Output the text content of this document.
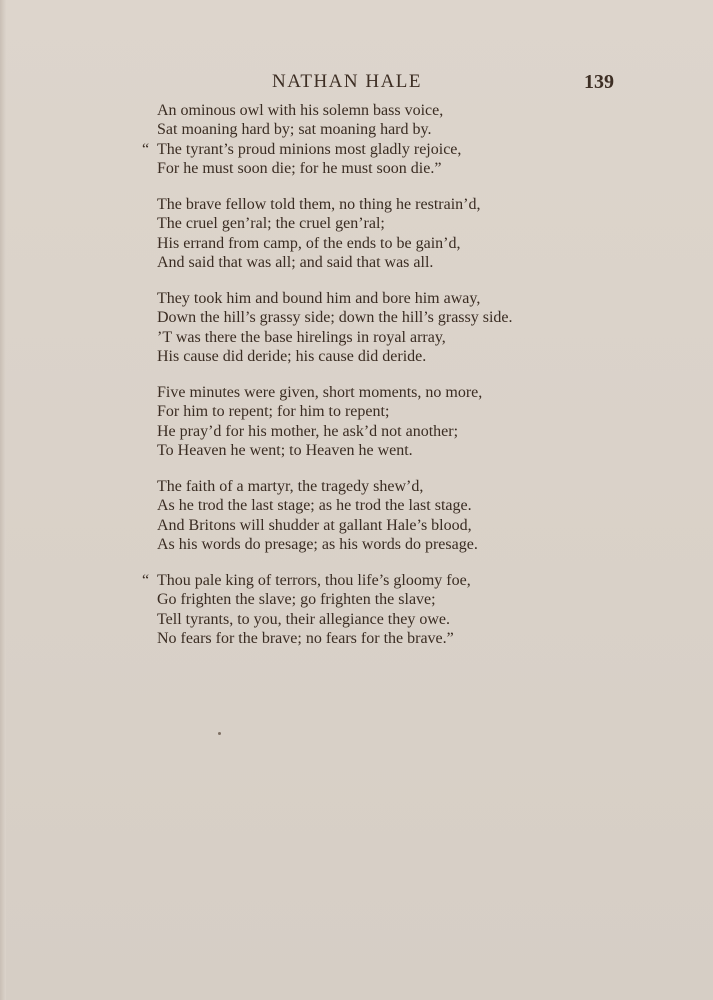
NATHAN HALE	139
An ominous owl with his solemn bass voice,
Sat moaning hard by; sat moaning hard by.
“ The tyrant’s proud minions most gladly rejoice,
For he must soon die; for he must soon die.”
The brave fellow told them, no thing he restrain’d,
The cruel gen’ral; the cruel gen’ral;
His errand from camp, of the ends to be gain’d,
And said that was all; and said that was all.
They took him and bound him and bore him away,
Down the hill’s grassy side; down the hill’s grassy side.
’T was there the base hirelings in royal array,
His cause did deride; his cause did deride.
Five minutes were given, short moments, no more,
For him to repent; for him to repent;
He pray’d for his mother, he ask’d not another;
To Heaven he went; to Heaven he went.
The faith of a martyr, the tragedy shew’d,
As he trod the last stage; as he trod the last stage.
And Britons will shudder at gallant Hale’s blood,
As his words do presage; as his words do presage.
“ Thou pale king of terrors, thou life’s gloomy foe,
Go frighten the slave; go frighten the slave;
Tell tyrants, to you, their allegiance they owe.
No fears for the brave; no fears for the brave.”
